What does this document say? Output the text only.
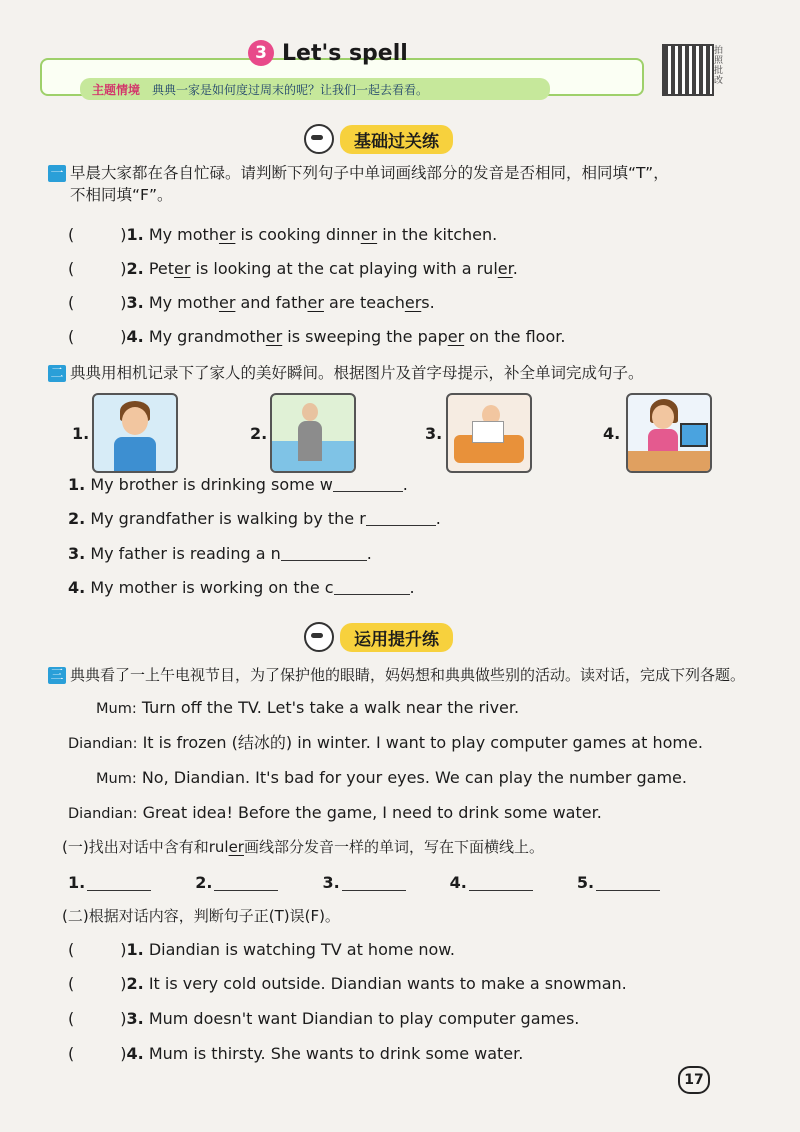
3 Let's spell
主题情境 典典一家是如何度过周末的呢？让我们一起去看看。
拍照批改
基础过关练
一 早晨大家都在各自忙碌。请判断下列句子中单词画线部分的发音是否相同，相同填“T”，
不相同填“F”。
(	)1. My mother is cooking dinner in the kitchen.
(	)2. Peter is looking at the cat playing with a ruler.
(	)3. My mother and father are teachers.
(	)4. My grandmother is sweeping the paper on the floor.
二 典典用相机记录下了家人的美好瞬间。根据图片及首字母提示，补全单词完成句子。
1.	2.	3.	4.
1. My brother is drinking some w	.
2. My grandfather is walking by the r	.
3. My father is reading a n	.
4. My mother is working on the c	.
运用提升练
三 典典看了一上午电视节目，为了保护他的眼睛，妈妈想和典典做些别的活动。读对话，完成下列各题。
Mum: Turn off the TV. Let's take a walk near the river.
Diandian: It is frozen (结冰的) in winter. I want to play computer games at home.
Mum: No, Diandian. It's bad for your eyes. We can play the number game.
Diandian: Great idea! Before the game, I need to drink some water.
(一)找出对话中含有和ruler画线部分发音一样的单词，写在下面横线上。
1.	2.	3.	4.	5.
(二)根据对话内容，判断句子正(T)误(F)。
(	)1. Diandian is watching TV at home now.
(	)2. It is very cold outside. Diandian wants to make a snowman.
(	)3. Mum doesn't want Diandian to play computer games.
(	)4. Mum is thirsty. She wants to drink some water.
17
